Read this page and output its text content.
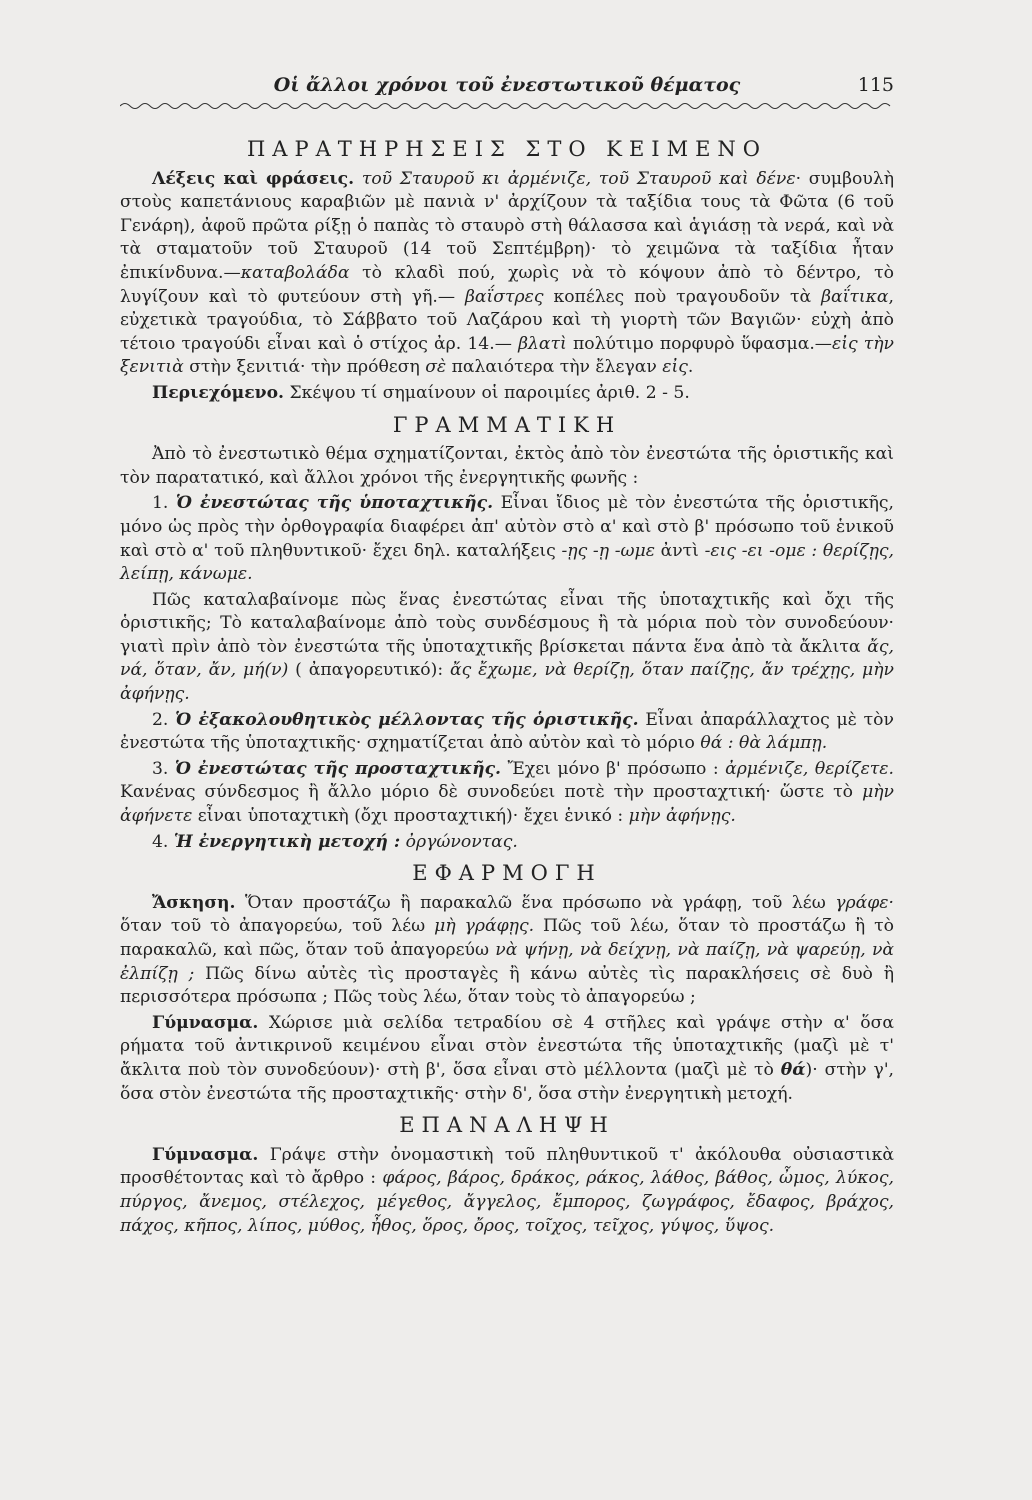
Οἱ ἄλλοι χρόνοι τοῦ ἐνεστωτικοῦ θέματος	115
ΠΑΡΑΤΗΡΗΣΕΙΣ ΣΤΟ ΚΕΙΜΕΝΟ

Λέξεις καὶ φράσεις. τοῦ Σταυροῦ κι ἀρμένιζε, τοῦ Σταυροῦ καὶ δένε· συμβουλὴ στοὺς καπετάνιους καραβιῶν μὲ πανιὰ ν' ἀρχίζουν τὰ ταξίδια τους τὰ Φῶτα (6 τοῦ Γενάρη), ἀφοῦ πρῶτα ρίξῃ ὁ παπὰς τὸ σταυρὸ στὴ θάλασσα καὶ ἁγιάσῃ τὰ νερά, καὶ νὰ τὰ σταματοῦν τοῦ Σταυροῦ (14 τοῦ Σεπτέμβρη)· τὸ χειμῶνα τὰ ταξίδια ἦταν ἐπικίνδυνα.—καταβολάδα τὸ κλαδὶ πού, χωρὶς νὰ τὸ κόψουν ἀπὸ τὸ δέντρο, τὸ λυγίζουν καὶ τὸ φυτεύουν στὴ γῆ.— βαΐστρες κοπέλες ποὺ τραγουδοῦν τὰ βαΐτικα, εὐχετικὰ τραγούδια, τὸ Σάββατο τοῦ Λαζάρου καὶ τὴ γιορτὴ τῶν Βαγιῶν· εὐχὴ ἀπὸ τέτοιο τραγούδι εἶναι καὶ ὁ στίχος ἀρ. 14.— βλατὶ πολύτιμο πορφυρὸ ὕφασμα.—εἰς τὴν ξενιτιὰ στὴν ξενιτιά· τὴν πρόθεση σὲ παλαιότερα τὴν ἔλεγαν εἰς.

Περιεχόμενο. Σκέψου τί σημαίνουν οἱ παροιμίες ἀριθ. 2 - 5.

ΓΡΑΜΜΑΤΙΚΗ

Ἀπὸ τὸ ἐνεστωτικὸ θέμα σχηματίζονται, ἐκτὸς ἀπὸ τὸν ἐνεστώτα τῆς ὁριστικῆς καὶ τὸν παρατατικό, καὶ ἄλλοι χρόνοι τῆς ἐνεργητικῆς φωνῆς :

1. Ὁ ἐνεστώτας τῆς ὑποταχτικῆς. Εἶναι ἴδιος μὲ τὸν ἐνεστώτα τῆς ὁριστικῆς, μόνο ὡς πρὸς τὴν ὀρθογραφία διαφέρει ἀπ' αὐτὸν στὸ α' καὶ στὸ β' πρόσωπο τοῦ ἑνικοῦ καὶ στὸ α' τοῦ πληθυντικοῦ· ἔχει δηλ. καταλήξεις -ῃς -ῃ -ωμε ἀντὶ -εις -ει -ομε : θερίζῃς, λείπῃ, κάνωμε.

Πῶς καταλαβαίνομε πὼς ἕνας ἐνεστώτας εἶναι τῆς ὑποταχτικῆς καὶ ὄχι τῆς ὁριστικῆς; Τὸ καταλαβαίνομε ἀπὸ τοὺς συνδέσμους ἢ τὰ μόρια ποὺ τὸν συνοδεύουν· γιατὶ πρὶν ἀπὸ τὸν ἐνεστώτα τῆς ὑποταχτικῆς βρίσκεται πάντα ἕνα ἀπὸ τὰ ἄκλιτα ἄς, νά, ὅταν, ἄν, μή(ν) ( ἀπαγορευτικό): ἄς ἔχωμε, νὰ θερίζῃ, ὅταν παίζῃς, ἄν τρέχῃς, μὴν ἀφήνῃς.

2. Ὁ ἐξακολουθητικὸς μέλλοντας τῆς ὁριστικῆς. Εἶναι ἀπαράλλαχτος μὲ τὸν ἐνεστώτα τῆς ὑποταχτικῆς· σχηματίζεται ἀπὸ αὐτὸν καὶ τὸ μόριο θά : θὰ λάμπῃ.

3. Ὁ ἐνεστώτας τῆς προσταχτικῆς. Ἔχει μόνο β' πρόσωπο : ἀρμένιζε, θερίζετε. Κανένας σύνδεσμος ἢ ἄλλο μόριο δὲ συνοδεύει ποτὲ τὴν προσταχτική· ὥστε τὸ μὴν ἀφήνετε εἶναι ὑποταχτικὴ (ὄχι προσταχτική)· ἔχει ἑνικό : μὴν ἀφήνῃς.

4. Ἡ ἐνεργητικὴ μετοχή : ὀργώνοντας.

ΕΦΑΡΜΟΓΗ

Ἄσκηση. Ὅταν προστάζω ἢ παρακαλῶ ἕνα πρόσωπο νὰ γράφῃ, τοῦ λέω γράφε· ὅταν τοῦ τὸ ἀπαγορεύω, τοῦ λέω μὴ γράφῃς. Πῶς τοῦ λέω, ὅταν τὸ προστάζω ἢ τὸ παρακαλῶ, καὶ πῶς, ὅταν τοῦ ἀπαγορεύω νὰ ψήνῃ, νὰ δείχνῃ, νὰ παίζῃ, νὰ ψαρεύῃ, νὰ ἐλπίζῃ ; Πῶς δίνω αὐτὲς τὶς προσταγὲς ἢ κάνω αὐτὲς τὶς παρακλήσεις σὲ δυὸ ἢ περισσότερα πρόσωπα ; Πῶς τοὺς λέω, ὅταν τοὺς τὸ ἀπαγορεύω ;

Γύμνασμα. Χώρισε μιὰ σελίδα τετραδίου σὲ 4 στῆλες καὶ γράψε στὴν α' ὅσα ρήματα τοῦ ἀντικρινοῦ κειμένου εἶναι στὸν ἐνεστώτα τῆς ὑποταχτικῆς (μαζὶ μὲ τ' ἄκλιτα ποὺ τὸν συνοδεύουν)· στὴ β', ὅσα εἶναι στὸ μέλλοντα (μαζὶ μὲ τὸ θά)· στὴν γ', ὅσα στὸν ἐνεστώτα τῆς προσταχτικῆς· στὴν δ', ὅσα στὴν ἐνεργητικὴ μετοχή.

ΕΠΑΝΑΛΗΨΗ

Γύμνασμα. Γράψε στὴν ὀνομαστικὴ τοῦ πληθυντικοῦ τ' ἀκόλουθα οὐσιαστικὰ προσθέτοντας καὶ τὸ ἄρθρο : φάρος, βάρος, δράκος, ράκος, λάθος, βάθος, ὦμος, λύκος, πύργος, ἄνεμος, στέλεχος, μέγεθος, ἄγγελος, ἔμπορος, ζωγράφος, ἔδαφος, βράχος, πάχος, κῆπος, λίπος, μύθος, ἦθος, ὅρος, ὄρος, τοῖχος, τεῖχος, γύψος, ὕψος.
